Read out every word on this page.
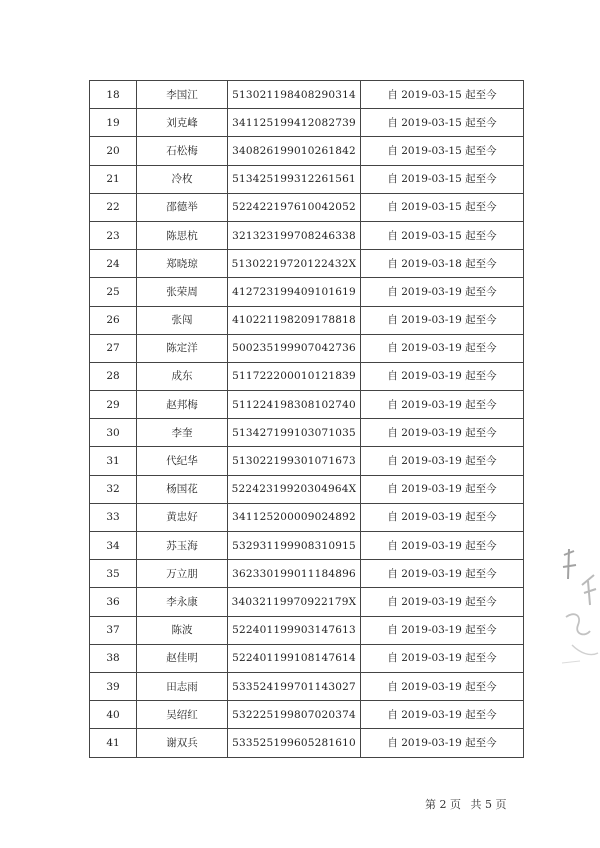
18	李国江	513021198408290314	自 2019-03-15 起至今
19	刘克峰	341125199412082739	自 2019-03-15 起至今
20	石松梅	340826199010261842	自 2019-03-15 起至今
21	冷枚	513425199312261561	自 2019-03-15 起至今
22	邵德举	522422197610042052	自 2019-03-15 起至今
23	陈思杭	321323199708246338	自 2019-03-15 起至今
24	郑晓琼	51302219720122432X	自 2019-03-18 起至今
25	张荣周	412723199409101619	自 2019-03-19 起至今
26	张闯	410221198209178818	自 2019-03-19 起至今
27	陈定洋	500235199907042736	自 2019-03-19 起至今
28	成东	511722200010121839	自 2019-03-19 起至今
29	赵邦梅	511224198308102740	自 2019-03-19 起至今
30	李奎	513427199103071035	自 2019-03-19 起至今
31	代纪华	513022199301071673	自 2019-03-19 起至今
32	杨国花	52242319920304964X	自 2019-03-19 起至今
33	黄忠好	341125200009024892	自 2019-03-19 起至今
34	苏玉海	532931199908310915	自 2019-03-19 起至今
35	万立朋	362330199011184896	自 2019-03-19 起至今
36	李永康	34032119970922179X	自 2019-03-19 起至今
37	陈波	522401199903147613	自 2019-03-19 起至今
38	赵佳明	522401199108147614	自 2019-03-19 起至今
39	田志雨	533524199701143027	自 2019-03-19 起至今
40	吴绍红	532225199807020374	自 2019-03-19 起至今
41	谢双兵	533525199605281610	自 2019-03-19 起至今
第 2 页 共 5 页
